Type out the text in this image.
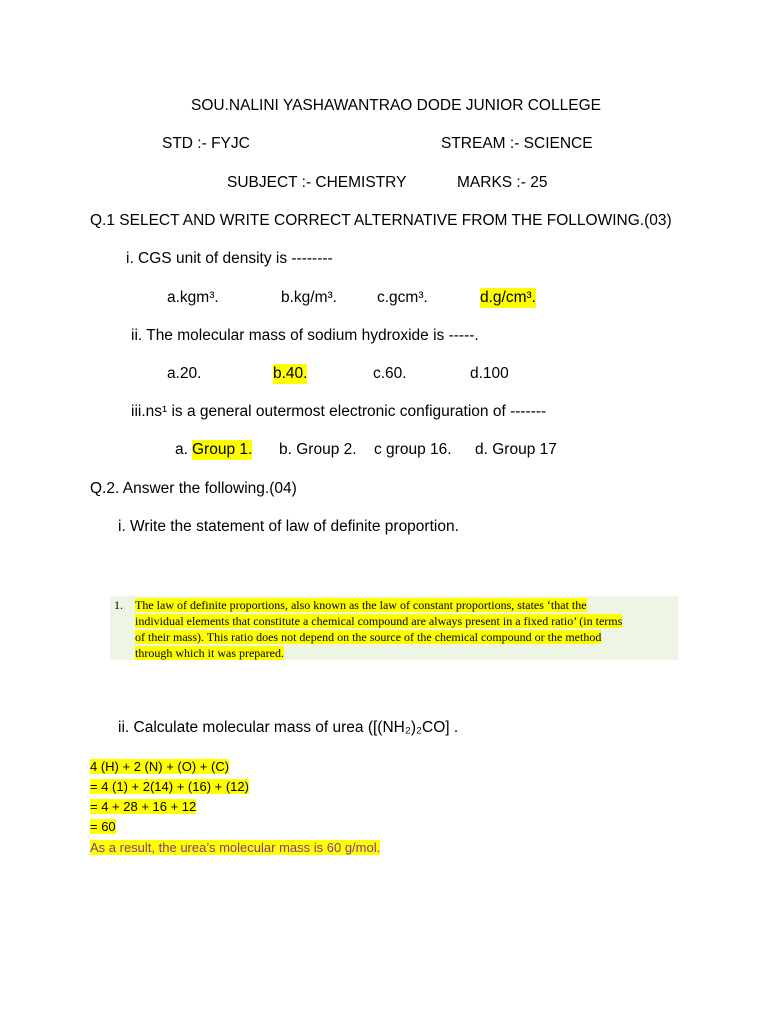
SOU.NALINI YASHAWANTRAO DODE JUNIOR COLLEGE
STD :- FYJC	STREAM :- SCIENCE
SUBJECT :- CHEMISTRY	MARKS :- 25
Q.1 SELECT AND WRITE CORRECT ALTERNATIVE FROM THE FOLLOWING.(03)
i. CGS unit of density is --------
a.kgm³.	b.kg/m³.	c.gcm³.	d.g/cm³.
ii. The molecular mass of sodium hydroxide is -----.
a.20.	b.40.	c.60.	d.100
iii.ns¹ is a general outermost electronic configuration of -------
a. Group 1. b. Group 2. c group 16. d. Group 17
Q.2. Answer the following.(04)
i. Write the statement of law of definite proportion.
1. The law of definite proportions, also known as the law of constant proportions, states ‘that the
individual elements that constitute a chemical compound are always present in a fixed ratio’ (in terms
of their mass). This ratio does not depend on the source of the chemical compound or the method
through which it was prepared.
ii. Calculate molecular mass of urea ([(NH₂)₂CO] .
4 (H) + 2 (N) + (O) + (C)
= 4 (1) + 2(14) + (16) + (12)
= 4 + 28 + 16 + 12
= 60
As a result, the urea’s molecular mass is 60 g/mol.
